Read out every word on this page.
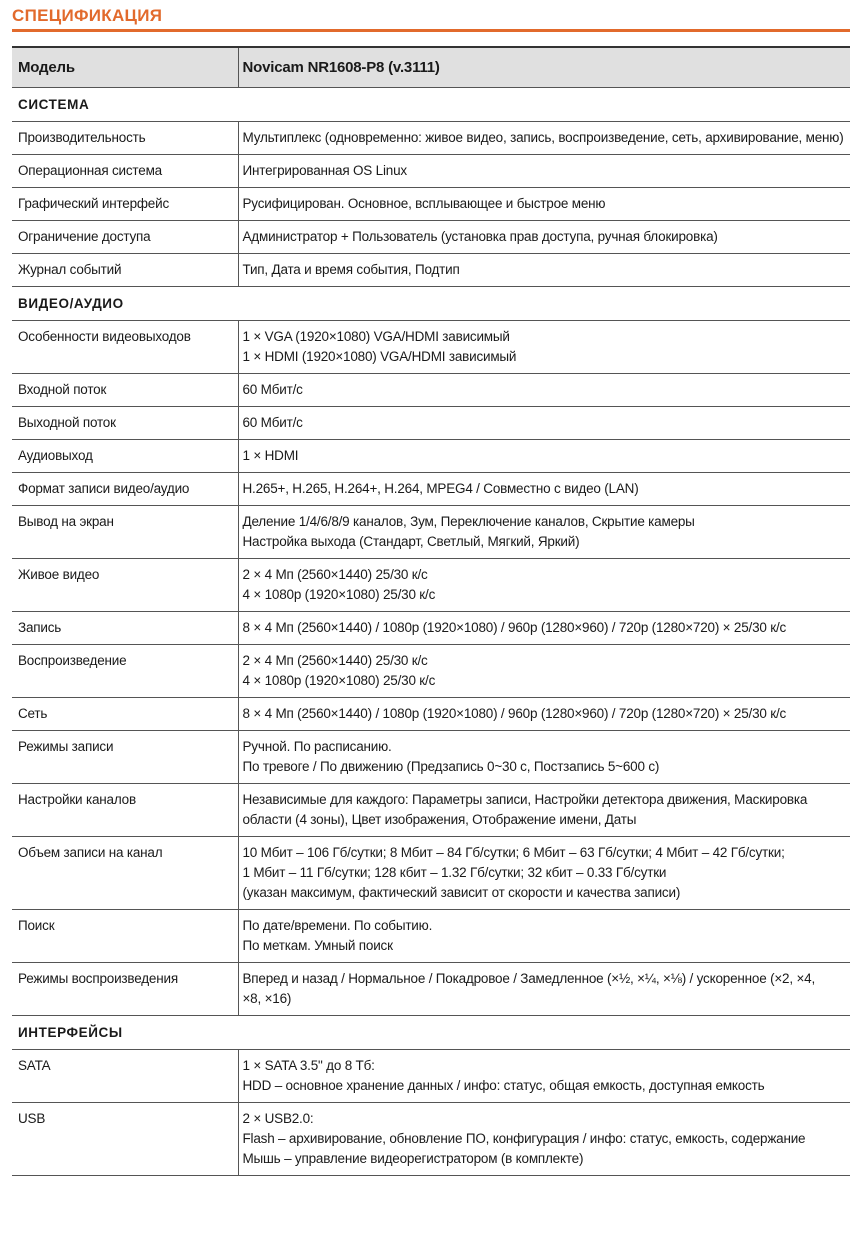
СПЕЦИФИКАЦИЯ
Модель	Novicam NR1608-P8 (v.3111)
СИСТЕМА	
Производительность	Мультиплекс (одновременно: живое видео, запись, воспроизведение, сеть, архивирование, меню)

Операционная система	Интегрированная OS Linux

Графический интерфейс	Русифицирован. Основное, всплывающее и быстрое меню

Ограничение доступа	Администратор + Пользователь (установка прав доступа, ручная блокировка)

Журнал событий	Тип, Дата и время события, Подтип

ВИДЕО/АУДИО	
Особенности видеовыходов	1 × VGA (1920×1080) VGA/HDMI зависимый
1 × HDMI (1920×1080) VGA/HDMI зависимый

Входной поток	60 Мбит/с

Выходной поток	60 Мбит/с

Аудиовыход	1 × HDMI

Формат записи видео/аудио	H.265+, H.265, H.264+, H.264, MPEG4 / Совместно с видео (LAN)

Вывод на экран	Деление 1/4/6/8/9 каналов, Зум, Переключение каналов, Скрытие камеры
Настройка выхода (Стандарт, Светлый, Мягкий, Яркий)

Живое видео	2 × 4 Мп (2560×1440) 25/30 к/с
4 × 1080p (1920×1080) 25/30 к/с

Запись	8 × 4 Мп (2560×1440) / 1080p (1920×1080) / 960p (1280×960) / 720p (1280×720) × 25/30 к/с

Воспроизведение	2 × 4 Мп (2560×1440) 25/30 к/с
4 × 1080p (1920×1080) 25/30 к/с

Сеть	8 × 4 Мп (2560×1440) / 1080p (1920×1080) / 960p (1280×960) / 720p (1280×720) × 25/30 к/с

Режимы записи	Ручной. По расписанию.
По тревоге / По движению (Предзапись 0~30 с, Постзапись 5~600 с)

Настройки каналов	Независимые для каждого: Параметры записи, Настройки детектора движения, Маскировка
области (4 зоны), Цвет изображения, Отображение имени, Даты

Объем записи на канал	10 Мбит – 106 Гб/сутки; 8 Мбит – 84 Гб/сутки; 6 Мбит – 63 Гб/сутки; 4 Мбит – 42 Гб/сутки;
1 Мбит – 11 Гб/сутки; 128 кбит – 1.32 Гб/сутки; 32 кбит – 0.33 Гб/сутки
(указан максимум, фактический зависит от скорости и качества записи)

Поиск	По дате/времени. По событию.
По меткам. Умный поиск

Режимы воспроизведения	Вперед и назад / Нормальное / Покадровое / Замедленное (×½, ×¼, ×⅛) / ускоренное (×2, ×4,
×8, ×16)

ИНТЕРФЕЙСЫ	
SATA	1 × SATA 3.5" до 8 Тб:
HDD – основное хранение данных / инфо: статус, общая емкость, доступная емкость

USB	2 × USB2.0:
Flash – архивирование, обновление ПО, конфигурация / инфо: статус, емкость, содержание
Мышь – управление видеорегистратором (в комплекте)
